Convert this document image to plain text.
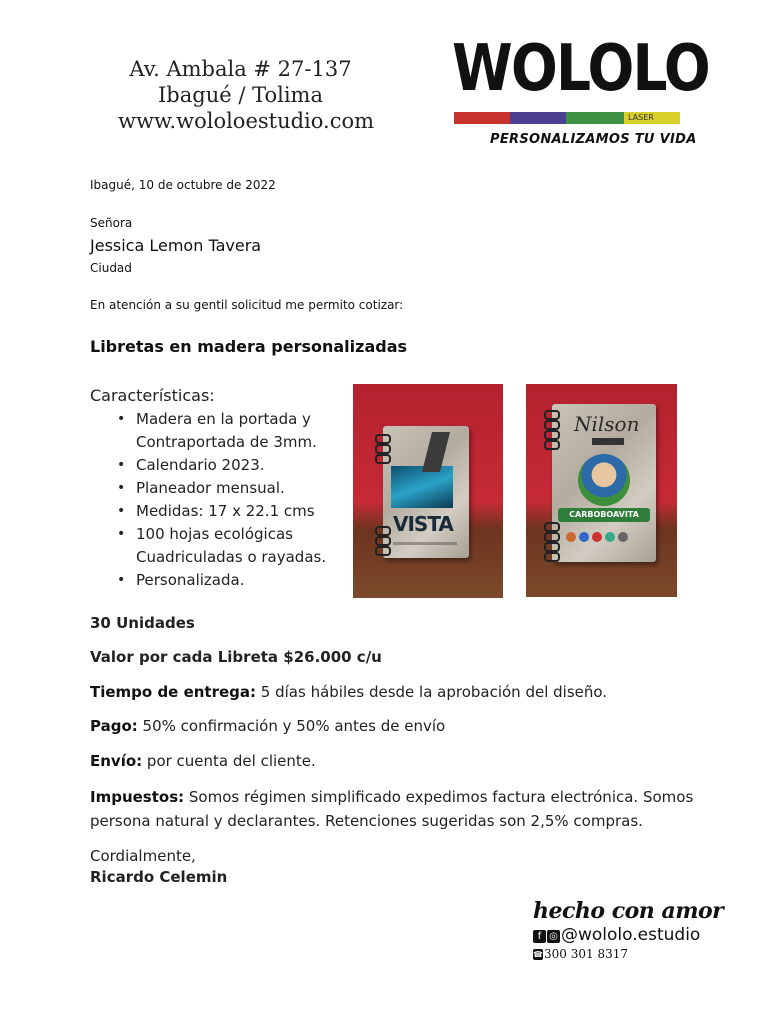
Av. Ambala # 27-137
Ibagué / Tolima
www.wololoestudio.com
WOLOLO
LASER
PERSONALIZAMOS TU VIDA
Ibagué, 10 de octubre de 2022
Señora
Jessica Lemon Tavera
Ciudad
En atención a su gentil solicitud me permito cotizar:
Libretas en madera personalizadas
Características:
• Madera en la portada y
Contraportada de 3mm.
• Calendario 2023.
• Planeador mensual.
• Medidas: 17 x 22.1 cms
• 100 hojas ecológicas
Cuadriculadas o rayadas.
• Personalizada.
VISTA
Nilson
CARBOBOAVITA
30 Unidades
Valor por cada Libreta $26.000 c/u
Tiempo de entrega: 5 días hábiles desde la aprobación del diseño.
Pago: 50% confirmación y 50% antes de envío
Envío: por cuenta del cliente.
Impuestos: Somos régimen simplificado expedimos factura electrónica. Somos
persona natural y declarantes. Retenciones sugeridas son 2,5% compras.
Cordialmente,
Ricardo Celemin
hecho con amor
f ◎ @wololo.estudio
☎300 301 8317
